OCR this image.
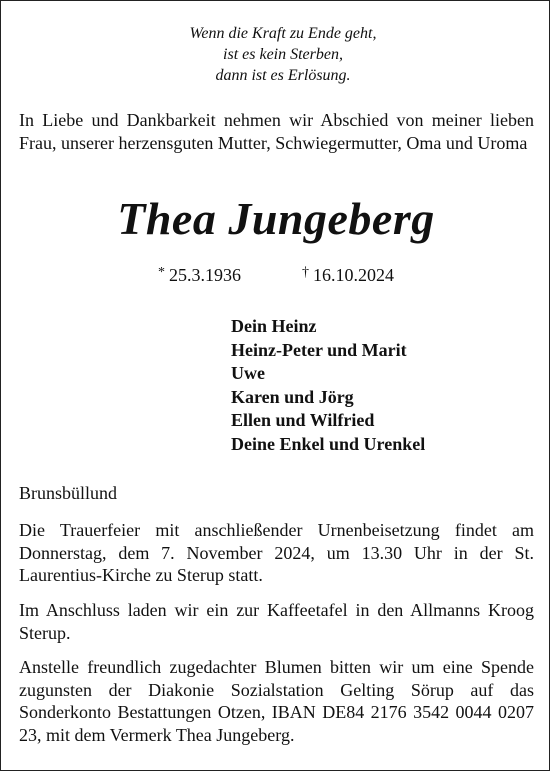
Wenn die Kraft zu Ende geht,
ist es kein Sterben,
dann ist es Erlösung.
In Liebe und Dankbarkeit nehmen wir Abschied von meiner lieben Frau, unserer herzensguten Mutter, Schwiegermutter, Oma und Uroma
Thea Jungeberg
* 25.3.1936	† 16.10.2024
Dein Heinz
Heinz-Peter und Marit
Uwe
Karen und Jörg
Ellen und Wilfried
Deine Enkel und Urenkel
Brunsbüllund
Die Trauerfeier mit anschließender Urnenbeisetzung findet am Donnerstag, dem 7. November 2024, um 13.30 Uhr in der St. Laurentius-Kirche zu Sterup statt.
Im Anschluss laden wir ein zur Kaffeetafel in den Allmanns Kroog Sterup.
Anstelle freundlich zugedachter Blumen bitten wir um eine Spende zugunsten der Diakonie Sozialstation Gelting Sörup auf das Sonderkonto Bestattungen Otzen, IBAN DE84 2176 3542 0044 0207 23, mit dem Vermerk Thea Jungeberg.
